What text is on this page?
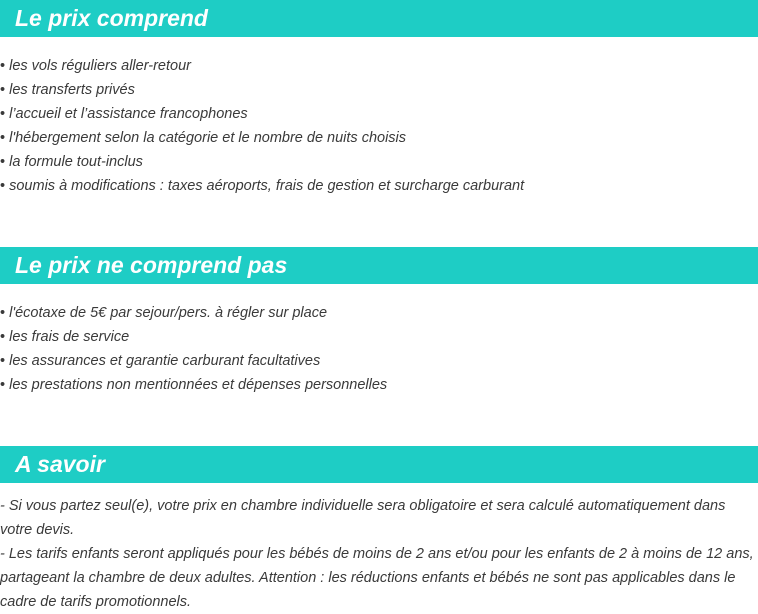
Le prix comprend
• les vols réguliers aller-retour
• les transferts privés
• l’accueil et l’assistance francophones
• l'hébergement selon la catégorie et le nombre de nuits choisis
• la formule tout-inclus
• soumis à modifications : taxes aéroports, frais de gestion et surcharge carburant
Le prix ne comprend pas
• l'écotaxe de 5€ par sejour/pers. à régler sur place
• les frais de service
• les assurances et garantie carburant facultatives
• les prestations non mentionnées et dépenses personnelles
A savoir

- Si vous partez seul(e), votre prix en chambre individuelle sera obligatoire et sera calculé automatiquement dans votre devis.
- Les tarifs enfants seront appliqués pour les bébés de moins de 2 ans et/ou pour les enfants de 2 à moins de 12 ans, partageant la chambre de deux adultes. Attention : les réductions enfants et bébés ne sont pas applicables dans le cadre de tarifs promotionnels.
